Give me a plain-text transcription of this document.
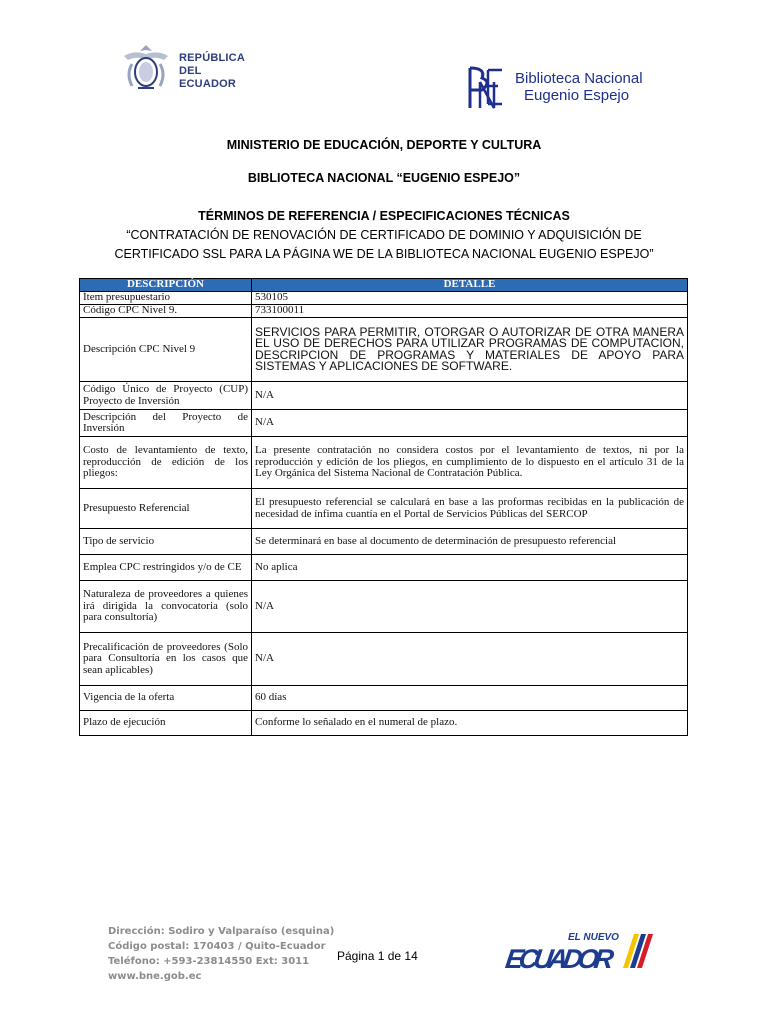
REPÚBLICA
DEL ECUADOR	Biblioteca Nacional
Eugenio Espejo
MINISTERIO DE EDUCACIÓN, DEPORTE Y CULTURA
BIBLIOTECA NACIONAL “EUGENIO ESPEJO”
TÉRMINOS DE REFERENCIA / ESPECIFICACIONES TÉCNICAS
“CONTRATACIÓN DE RENOVACIÓN DE CERTIFICADO DE DOMINIO Y ADQUISICIÓN DE
CERTIFICADO SSL PARA LA PÁGINA WE DE LA BIBLIOTECA NACIONAL EUGENIO ESPEJO”
DESCRIPCIÓN	DETALLE
Ítem presupuestario	530105
Código CPC Nivel 9.	733100011
Descripción CPC Nivel 9	SERVICIOS PARA PERMITIR, OTORGAR O AUTORIZAR DE OTRA MANERA EL USO DE DERECHOS PARA UTILIZAR PROGRAMAS DE COMPUTACION, DESCRIPCION DE PROGRAMAS Y MATERIALES DE APOYO PARA SISTEMAS Y APLICACIONES DE SOFTWARE.
Código Único de Proyecto (CUP) Proyecto de Inversión	N/A
Descripción del Proyecto de Inversión	N/A
Costo de levantamiento de texto, reproducción de edición de los pliegos:	La presente contratación no considera costos por el levantamiento de textos, ni por la reproducción y edición de los pliegos, en cumplimiento de lo dispuesto en el artículo 31 de la Ley Orgánica del Sistema Nacional de Contratación Pública.
Presupuesto Referencial	El presupuesto referencial se calculará en base a las proformas recibidas en la publicación de necesidad de ínfima cuantía en el Portal de Servicios Públicas del SERCOP
Tipo de servicio	Se determinará en base al documento de determinación de presupuesto referencial
Emplea CPC restringidos y/o de CE	No aplica
Naturaleza de proveedores a quienes irá dirigida la convocatoria (solo para consultoría)	N/A
Precalificación de proveedores (Solo para Consultoría en los casos que sean aplicables)	N/A
Vigencia de la oferta	60 días
Plazo de ejecución	Conforme lo señalado en el numeral de plazo.
Dirección: Sodiro y Valparaíso (esquina)
Código postal: 170403 / Quito-Ecuador
Teléfono: +593-23814550 Ext: 3011
www.bne.gob.ec
Página 1 de 14
EL NUEVO
ECUADOR
